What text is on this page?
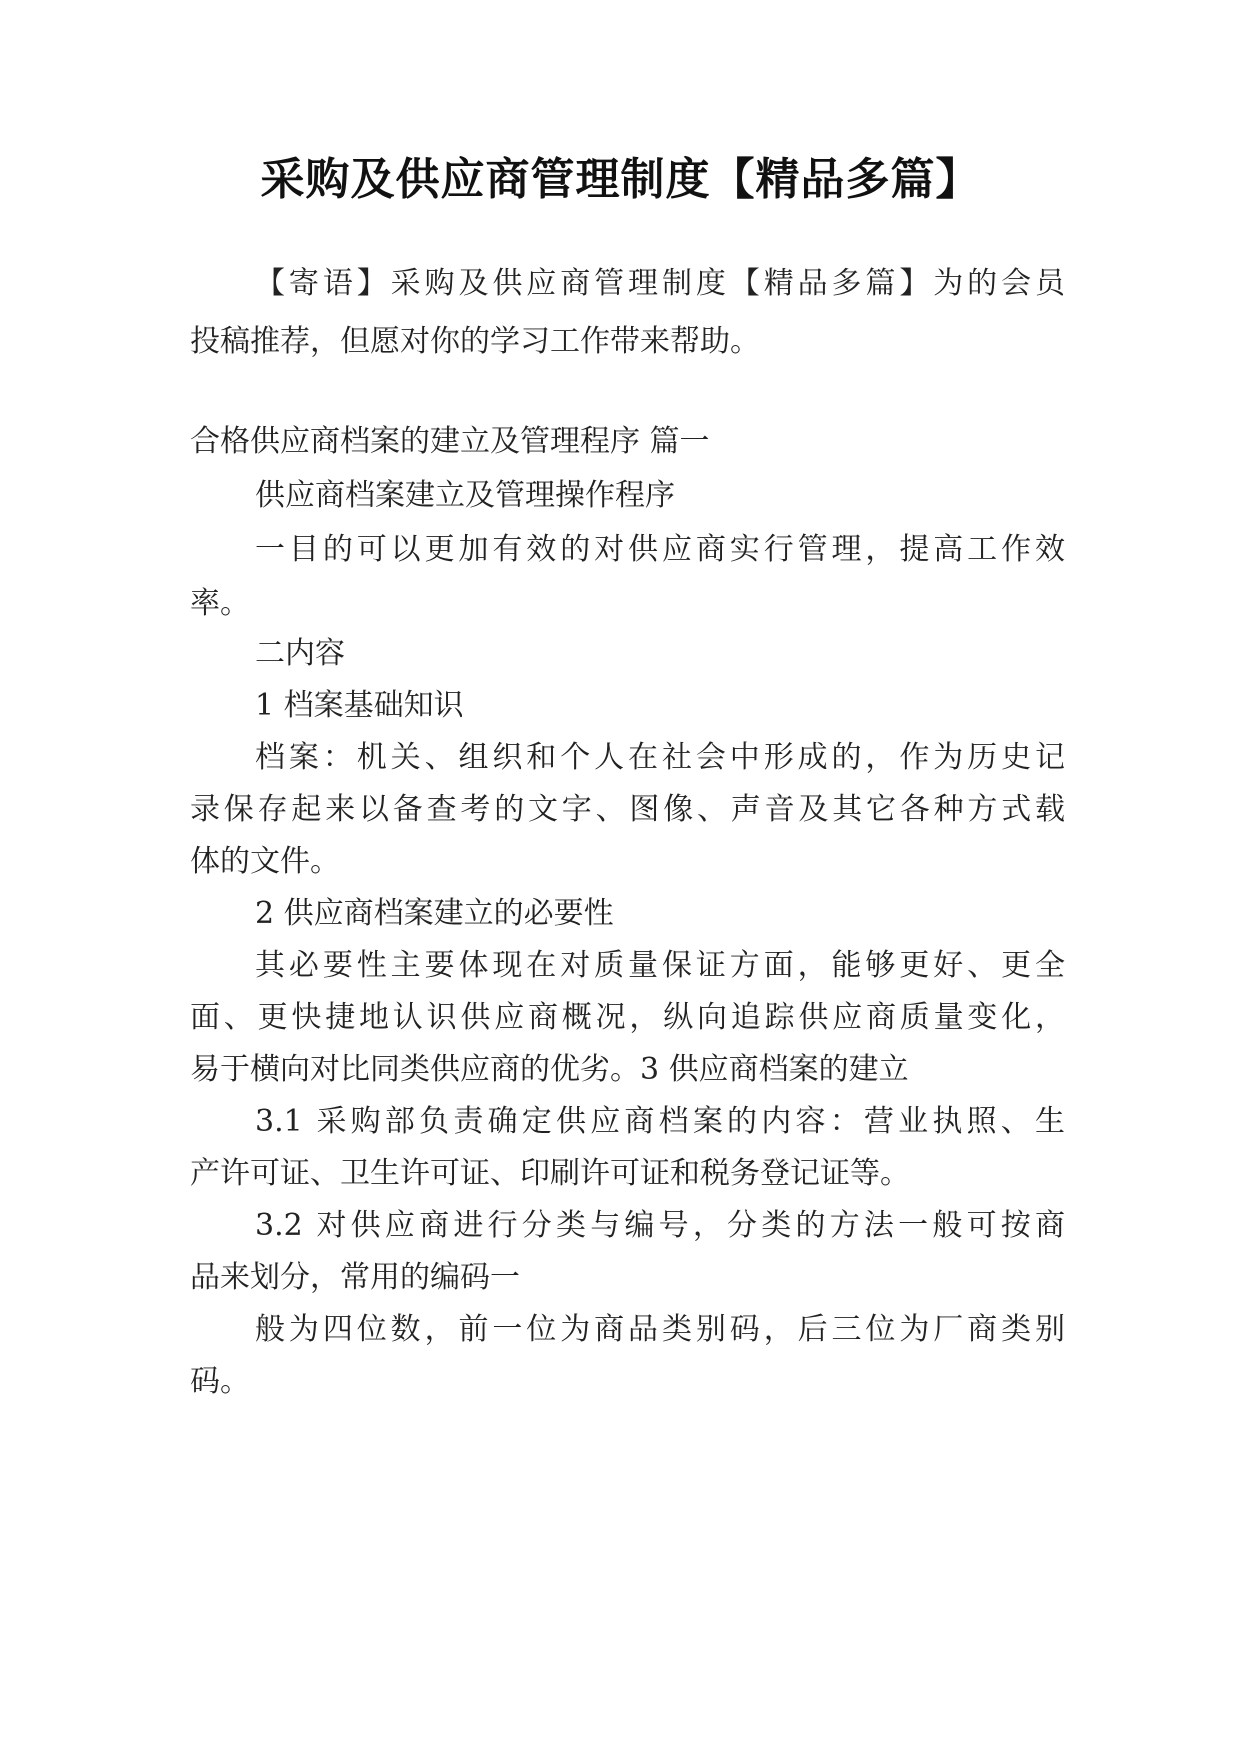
采购及供应商管理制度【精品多篇】
【寄语】采购及供应商管理制度【精品多篇】为的会员
投稿推荐，但愿对你的学习工作带来帮助。
合格供应商档案的建立及管理程序 篇一
供应商档案建立及管理操作程序
一目的可以更加有效的对供应商实行管理，提高工作效
率。
二内容
1 档案基础知识
档案：机关、组织和个人在社会中形成的，作为历史记
录保存起来以备查考的文字、图像、声音及其它各种方式载
体的文件。
2 供应商档案建立的必要性
其必要性主要体现在对质量保证方面，能够更好、更全
面、更快捷地认识供应商概况，纵向追踪供应商质量变化，
易于横向对比同类供应商的优劣。3 供应商档案的建立
3.1 采购部负责确定供应商档案的内容：营业执照、生
产许可证、卫生许可证、印刷许可证和税务登记证等。
3.2 对供应商进行分类与编号，分类的方法一般可按商
品来划分，常用的编码一
般为四位数，前一位为商品类别码，后三位为厂商类别
码。
